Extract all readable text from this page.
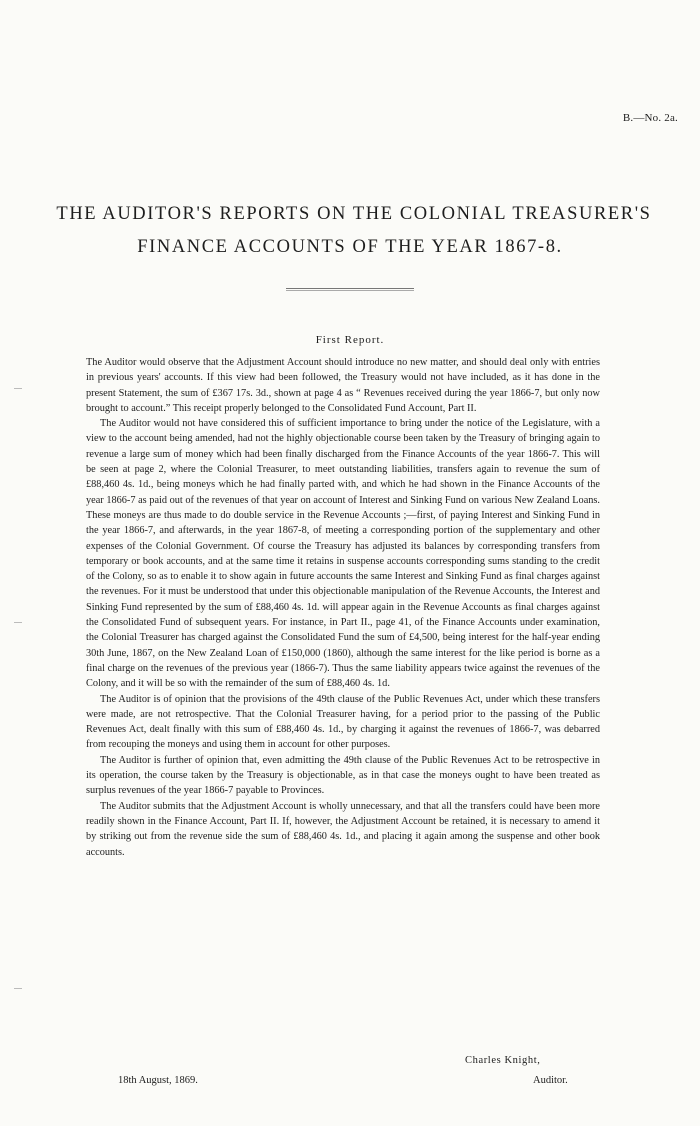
B.—No. 2a.
THE AUDITOR'S REPORTS ON THE COLONIAL TREASURER'S
FINANCE ACCOUNTS OF THE YEAR 1867-8.
First Report.

The Auditor would observe that the Adjustment Account should introduce no new matter, and should deal only with entries in previous years' accounts. If this view had been followed, the Treasury would not have included, as it has done in the present Statement, the sum of £367 17s. 3d., shown at page 4 as “ Revenues received during the year 1866-7, but only now brought to account.” This receipt properly belonged to the Consolidated Fund Account, Part II.

The Auditor would not have considered this of sufficient importance to bring under the notice of the Legislature, with a view to the account being amended, had not the highly objectionable course been taken by the Treasury of bringing again to revenue a large sum of money which had been finally discharged from the Finance Accounts of the year 1866-7. This will be seen at page 2, where the Colonial Treasurer, to meet outstanding liabilities, transfers again to revenue the sum of £88,460 4s. 1d., being moneys which he had finally parted with, and which he had shown in the Finance Accounts of the year 1866-7 as paid out of the revenues of that year on account of Interest and Sinking Fund on various New Zealand Loans. These moneys are thus made to do double service in the Revenue Accounts ;—first, of paying Interest and Sinking Fund in the year 1866-7, and afterwards, in the year 1867-8, of meeting a corresponding portion of the supplementary and other expenses of the Colonial Government. Of course the Treasury has adjusted its balances by corresponding transfers from temporary or book accounts, and at the same time it retains in suspense accounts corresponding sums standing to the credit of the Colony, so as to enable it to show again in future accounts the same Interest and Sinking Fund as final charges against the revenues. For it must be understood that under this objectionable manipulation of the Revenue Accounts, the Interest and Sinking Fund represented by the sum of £88,460 4s. 1d. will appear again in the Revenue Accounts as final charges against the Consolidated Fund of subsequent years. For instance, in Part II., page 41, of the Finance Accounts under examination, the Colonial Treasurer has charged against the Consolidated Fund the sum of £4,500, being interest for the half-year ending 30th June, 1867, on the New Zealand Loan of £150,000 (1860), although the same interest for the like period is borne as a final charge on the revenues of the previous year (1866-7). Thus the same liability appears twice against the revenues of the Colony, and it will be so with the remainder of the sum of £88,460 4s. 1d.

The Auditor is of opinion that the provisions of the 49th clause of the Public Revenues Act, under which these transfers were made, are not retrospective. That the Colonial Treasurer having, for a period prior to the passing of the Public Revenues Act, dealt finally with this sum of £88,460 4s. 1d., by charging it against the revenues of 1866-7, was debarred from recouping the moneys and using them in account for other purposes.

The Auditor is further of opinion that, even admitting the 49th clause of the Public Revenues Act to be retrospective in its operation, the course taken by the Treasury is objectionable, as in that case the moneys ought to have been treated as surplus revenues of the year 1866-7 payable to Provinces.

The Auditor submits that the Adjustment Account is wholly unnecessary, and that all the transfers could have been more readily shown in the Finance Account, Part II. If, however, the Adjustment Account be retained, it is necessary to amend it by striking out from the revenue side the sum of £88,460 4s. 1d., and placing it again among the suspense and other book accounts.

Charles Knight,
Auditor.
18th August, 1869.
